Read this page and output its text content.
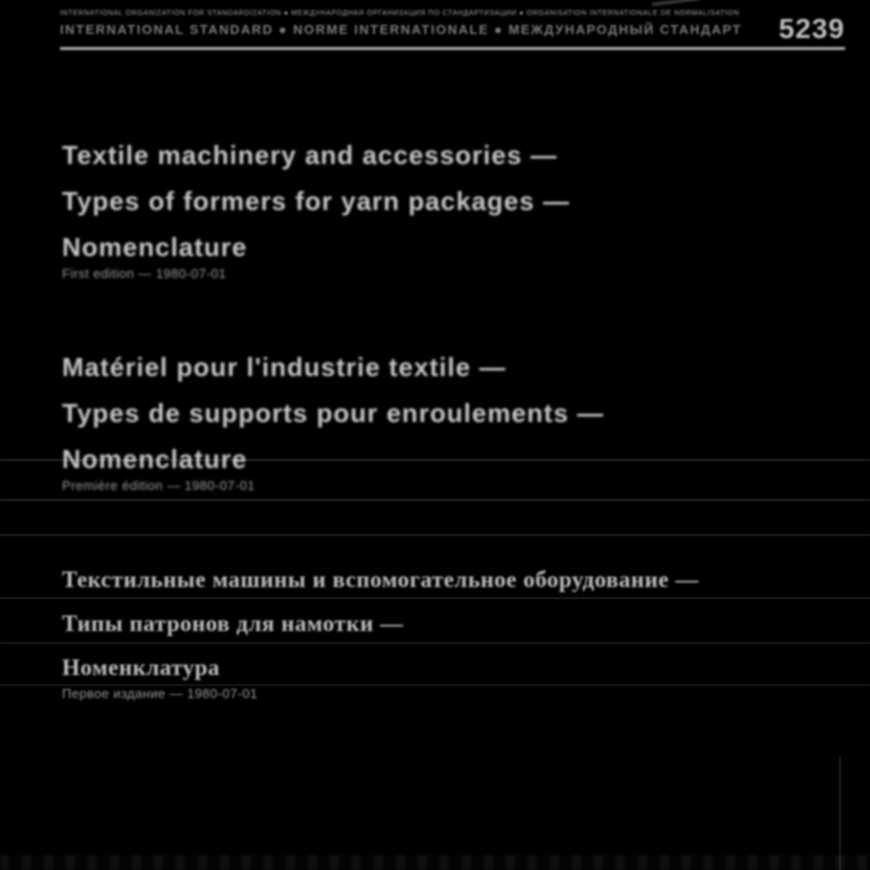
INTERNATIONAL ORGANIZATION FOR STANDARDIZATION ● МЕЖДУНАРОДНАЯ ОРГАНИЗАЦИЯ ПО СТАНДАРТИЗАЦИИ ● ORGANISATION INTERNATIONALE DE NORMALISATION
INTERNATIONAL STANDARD ● NORME INTERNATIONALE ● МЕЖДУНАРОДНЫЙ СТАНДАРТ	5239
Textile machinery and accessories —
Types of formers for yarn packages —
Nomenclature
First edition — 1980-07-01
Matériel pour l'industrie textile —
Types de supports pour enroulements —
Nomenclature
Première édition — 1980-07-01
Текстильные машины и вспомогательное оборудование —
Типы патронов для намотки —
Номенклатура
Первое издание — 1980-07-01
